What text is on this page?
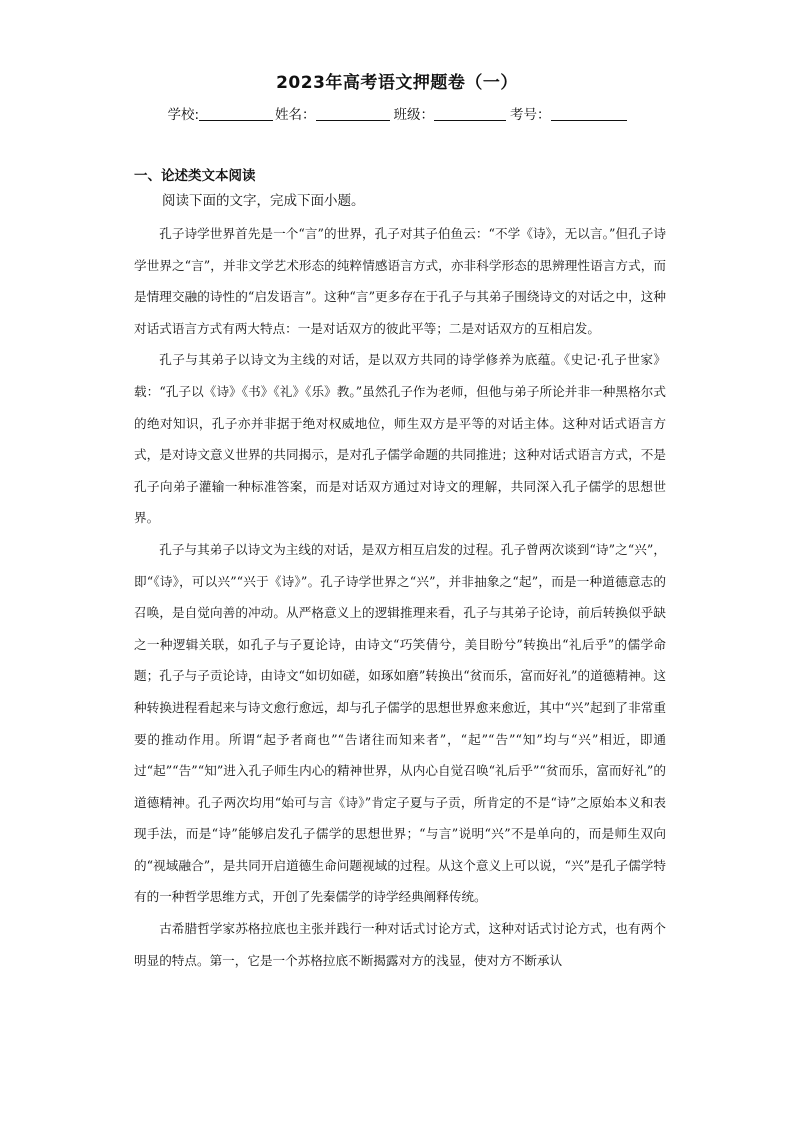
2023年高考语文押题卷（一）
学校:	姓名：	班级：	考号：
一、论述类文本阅读
阅读下面的文字，完成下面小题。

孔子诗学世界首先是一个“言”的世界，孔子对其子伯鱼云：“不学《诗》，无以言。”但孔子诗学世界之“言”，并非文学艺术形态的纯粹情感语言方式，亦非科学形态的思辨理性语言方式，而是情理交融的诗性的“启发语言”。这种“言”更多存在于孔子与其弟子围绕诗文的对话之中，这种对话式语言方式有两大特点：一是对话双方的彼此平等；二是对话双方的互相启发。

孔子与其弟子以诗文为主线的对话，是以双方共同的诗学修养为底蕴。《史记·孔子世家》载：“孔子以《诗》《书》《礼》《乐》教。”虽然孔子作为老师，但他与弟子所论并非一种黑格尔式的绝对知识，孔子亦并非据于绝对权威地位，师生双方是平等的对话主体。这种对话式语言方式，是对诗文意义世界的共同揭示，是对孔子儒学命题的共同推进；这种对话式语言方式，不是孔子向弟子灌输一种标准答案，而是对话双方通过对诗文的理解，共同深入孔子儒学的思想世界。

孔子与其弟子以诗文为主线的对话，是双方相互启发的过程。孔子曾两次谈到“诗”之“兴”，即“《诗》，可以兴”“兴于《诗》”。孔子诗学世界之“兴”，并非抽象之“起”，而是一种道德意志的召唤，是自觉向善的冲动。从严格意义上的逻辑推理来看，孔子与其弟子论诗，前后转换似乎缺之一种逻辑关联，如孔子与子夏论诗，由诗文“巧笑倩兮，美目盼兮”转换出“礼后乎”的儒学命题；孔子与子贡论诗，由诗文“如切如磋，如琢如磨”转换出“贫而乐，富而好礼”的道德精神。这种转换进程看起来与诗文愈行愈远，却与孔子儒学的思想世界愈来愈近，其中“兴”起到了非常重要的推动作用。所谓“起予者商也”“告诸往而知来者”，“起”“告”“知”均与“兴”相近，即通过“起”“告”“知”进入孔子师生内心的精神世界，从内心自觉召唤“礼后乎”“贫而乐，富而好礼”的道德精神。孔子两次均用“始可与言《诗》”肯定子夏与子贡，所肯定的不是“诗”之原始本义和表现手法，而是“诗”能够启发孔子儒学的思想世界；“与言”说明“兴”不是单向的，而是师生双向的“视域融合”，是共同开启道德生命问题视域的过程。从这个意义上可以说，“兴”是孔子儒学特有的一种哲学思维方式，开创了先秦儒学的诗学经典阐释传统。

古希腊哲学家苏格拉底也主张并践行一种对话式讨论方式，这种对话式讨论方式，也有两个明显的特点。第一，它是一个苏格拉底不断揭露对方的浅显，使对方不断承认
